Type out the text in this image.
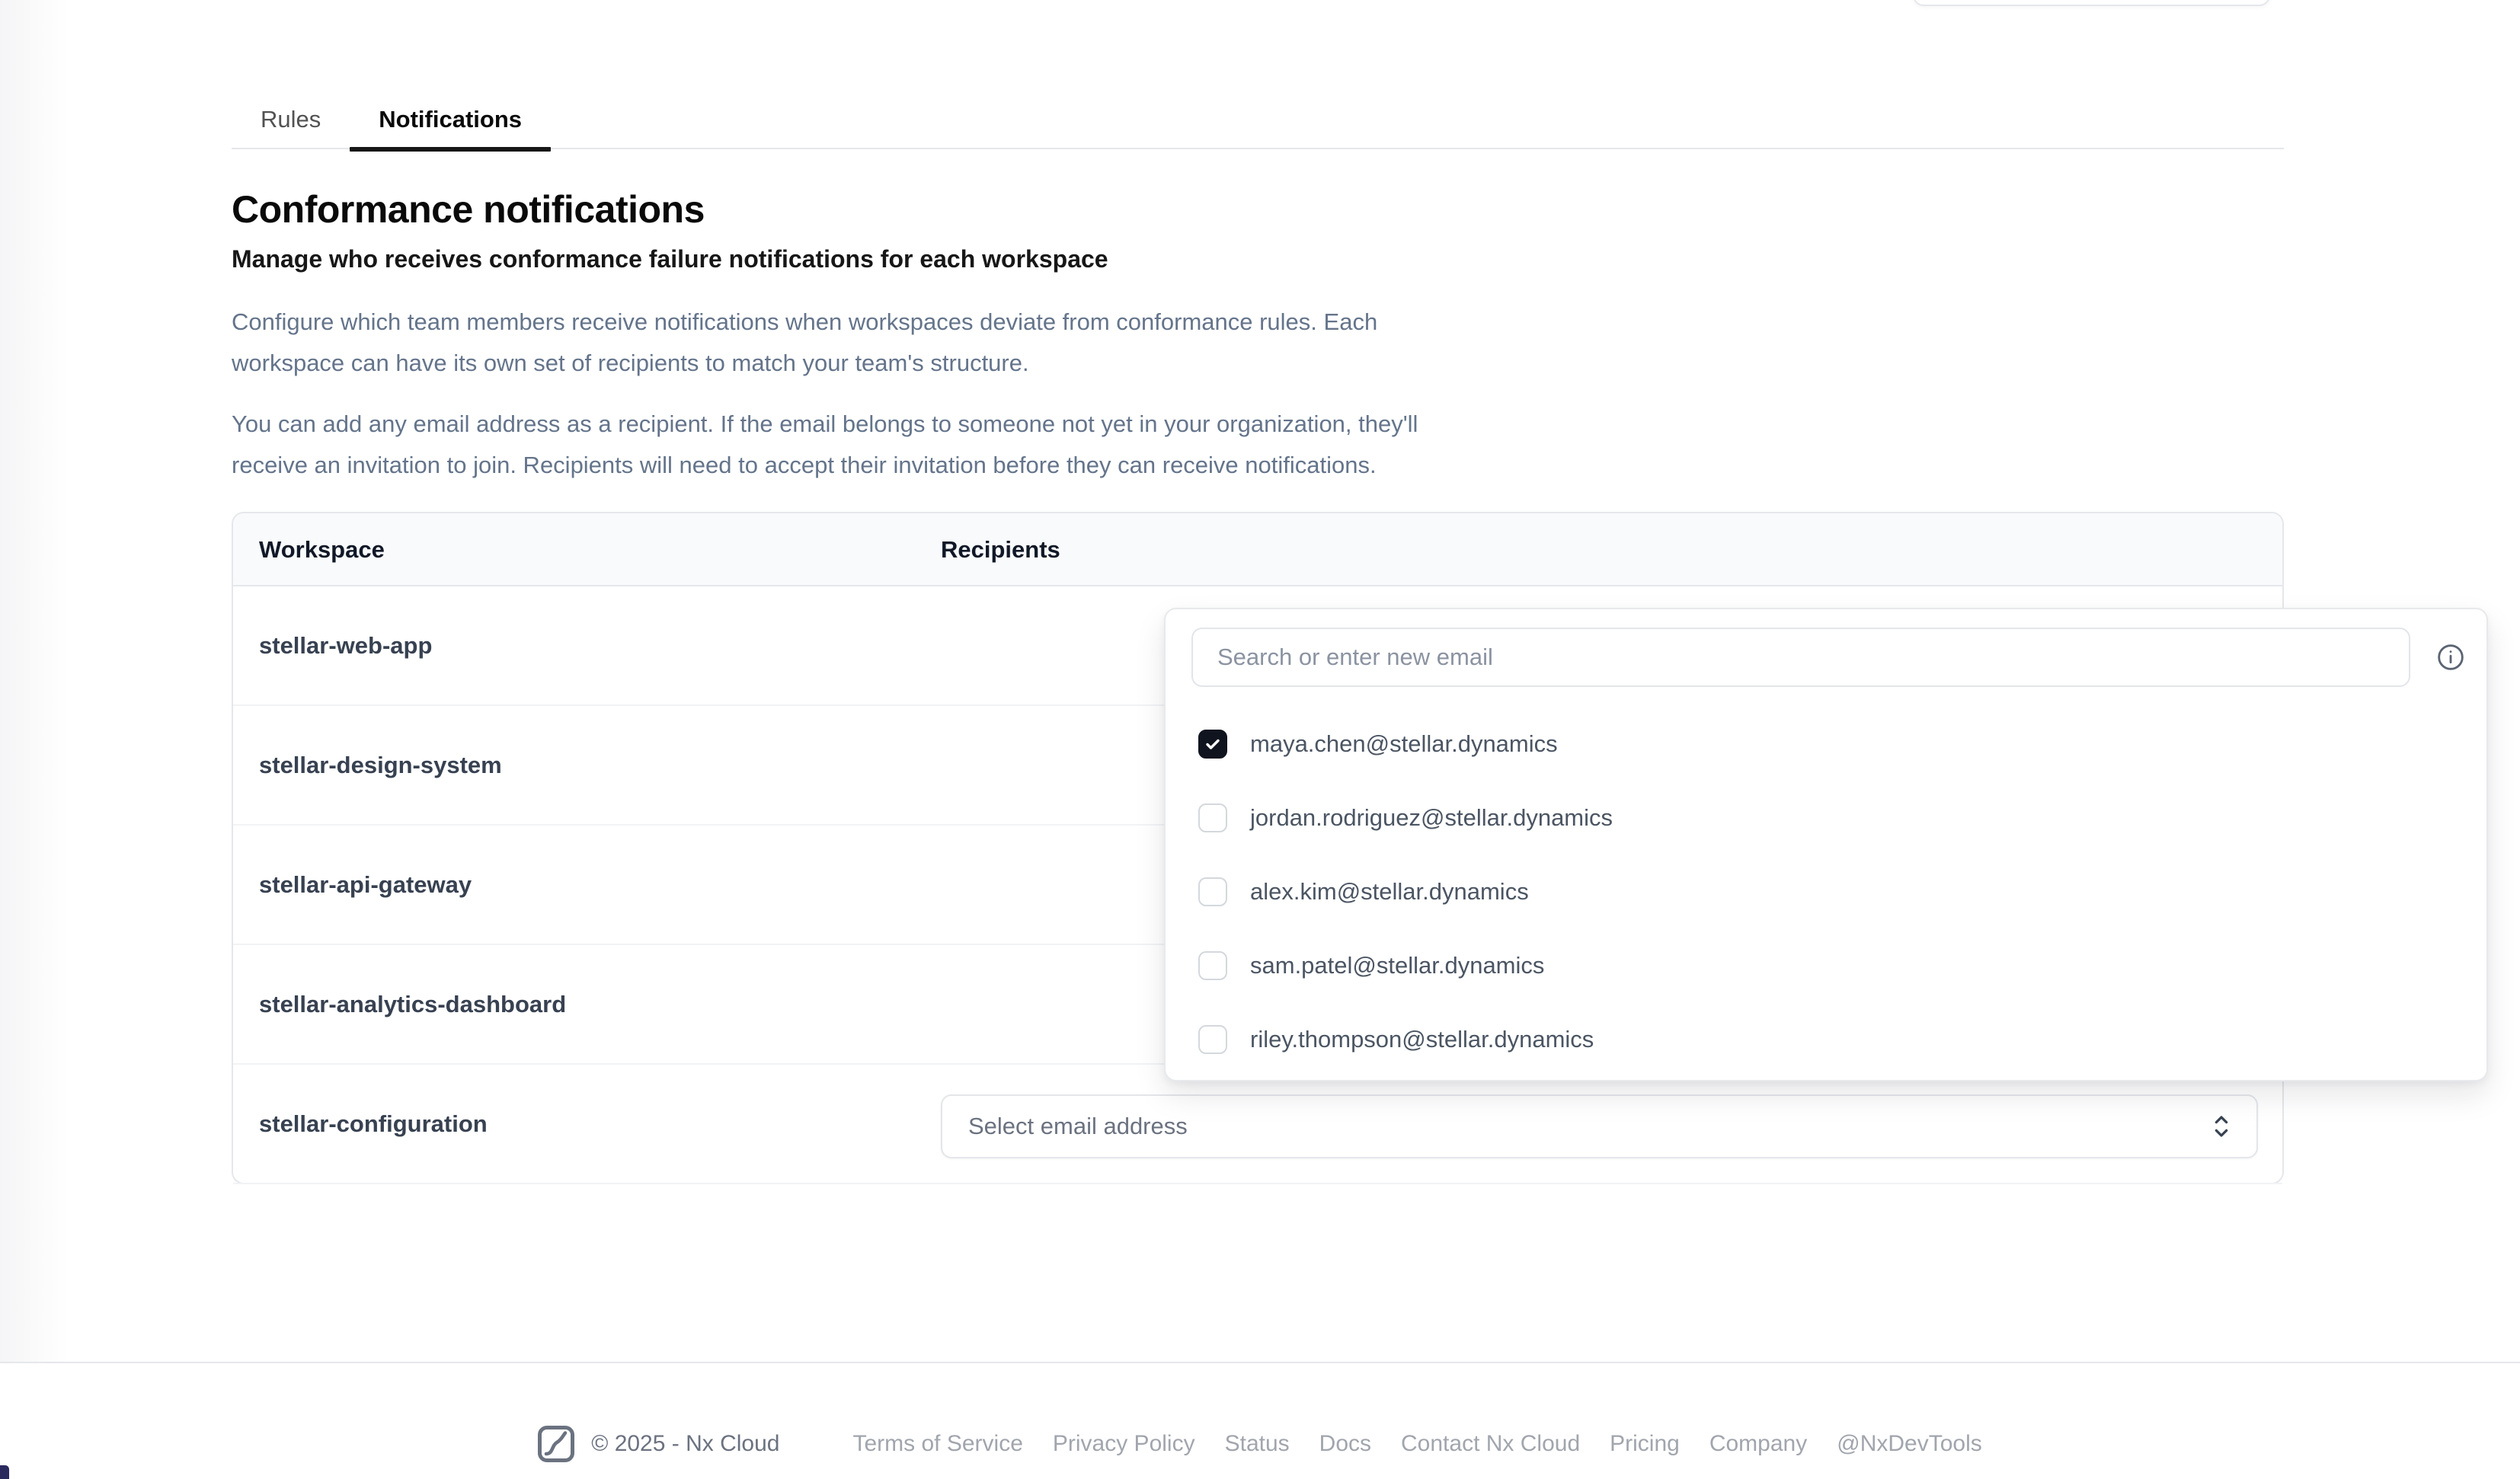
Rules Notifications
Conformance notifications
Manage who receives conformance failure notifications for each workspace

Configure which team members receive notifications when workspaces deviate from conformance rules. Each workspace can have its own set of recipients to match your team's structure.

You can add any email address as a recipient. If the email belongs to someone not yet in your organization, they'll receive an invitation to join. Recipients will need to accept their invitation before they can receive notifications.

Workspace	Recipients
stellar-web-app
stellar-design-system
stellar-api-gateway
stellar-analytics-dashboard
stellar-configuration	Select email address
Search or enter new email
maya.chen@stellar.dynamics
jordan.rodriguez@stellar.dynamics
alex.kim@stellar.dynamics
sam.patel@stellar.dynamics
riley.thompson@stellar.dynamics
© 2025 - Nx Cloud	Terms of Service Privacy Policy Status Docs Contact Nx Cloud Pricing Company @NxDevTools
